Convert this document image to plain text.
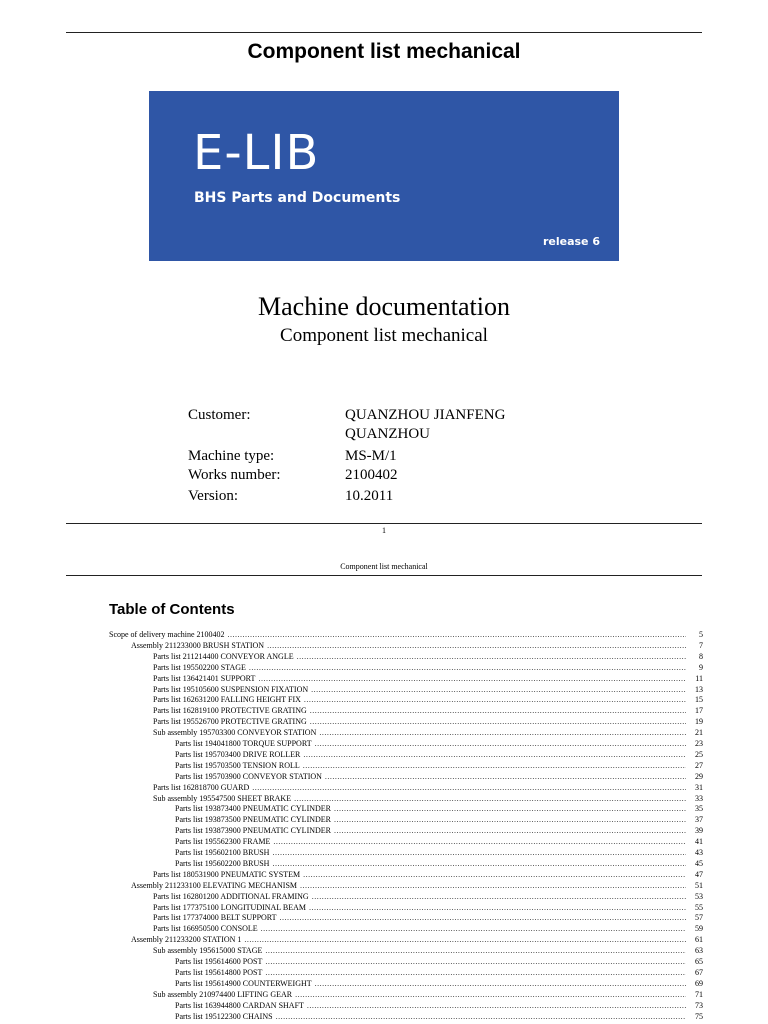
Component list mechanical
E-LIB
BHS Parts and Documents
release 6
Machine documentation
Component list mechanical
Customer:	QUANZHOU JIANFENG QUANZHOU
Machine type:	MS-M/1
Works number:	2100402
Version:	10.2011
1
Component list mechanical
Table of Contents
Scope of delivery machine 2100402 .....	5
Assembly 211233000 BRUSH STATION .....	7
Parts list 211214400 CONVEYOR ANGLE .....	8
Parts list 195502200 STAGE .....	9
Parts list 136421401 SUPPORT .....	11
Parts list 195105600 SUSPENSION FIXATION .....	13
Parts list 162631200 FALLING HEIGHT FIX .....	15
Parts list 162819100 PROTECTIVE GRATING .....	17
Parts list 195526700 PROTECTIVE GRATING .....	19
Sub assembly 195703300 CONVEYOR STATION .....	21
Parts list 194041800 TORQUE SUPPORT .....	23
Parts list 195703400 DRIVE ROLLER .....	25
Parts list 195703500 TENSION ROLL .....	27
Parts list 195703900 CONVEYOR STATION .....	29
Parts list 162818700 GUARD .....	31
Sub assembly 195547500 SHEET BRAKE .....	33
Parts list 193873400 PNEUMATIC CYLINDER .....	35
Parts list 193873500 PNEUMATIC CYLINDER .....	37
Parts list 193873900 PNEUMATIC CYLINDER .....	39
Parts list 195562300 FRAME .....	41
Parts list 195602100 BRUSH .....	43
Parts list 195602200 BRUSH .....	45
Parts list 180531900 PNEUMATIC SYSTEM .....	47
Assembly 211233100 ELEVATING MECHANISM .....	51
Parts list 162801200 ADDITIONAL FRAMING .....	53
Parts list 177375100 LONGITUDINAL BEAM .....	55
Parts list 177374000 BELT SUPPORT .....	57
Parts list 166950500 CONSOLE .....	59
Assembly 211233200 STATION 1 .....	61
Sub assembly 195615000 STAGE .....	63
Parts list 195614600 POST .....	65
Parts list 195614800 POST .....	67
Parts list 195614900 COUNTERWEIGHT .....	69
Sub assembly 210974400 LIFTING GEAR .....	71
Parts list 163944800 CARDAN SHAFT .....	73
Parts list 195122300 CHAINS .....	75
